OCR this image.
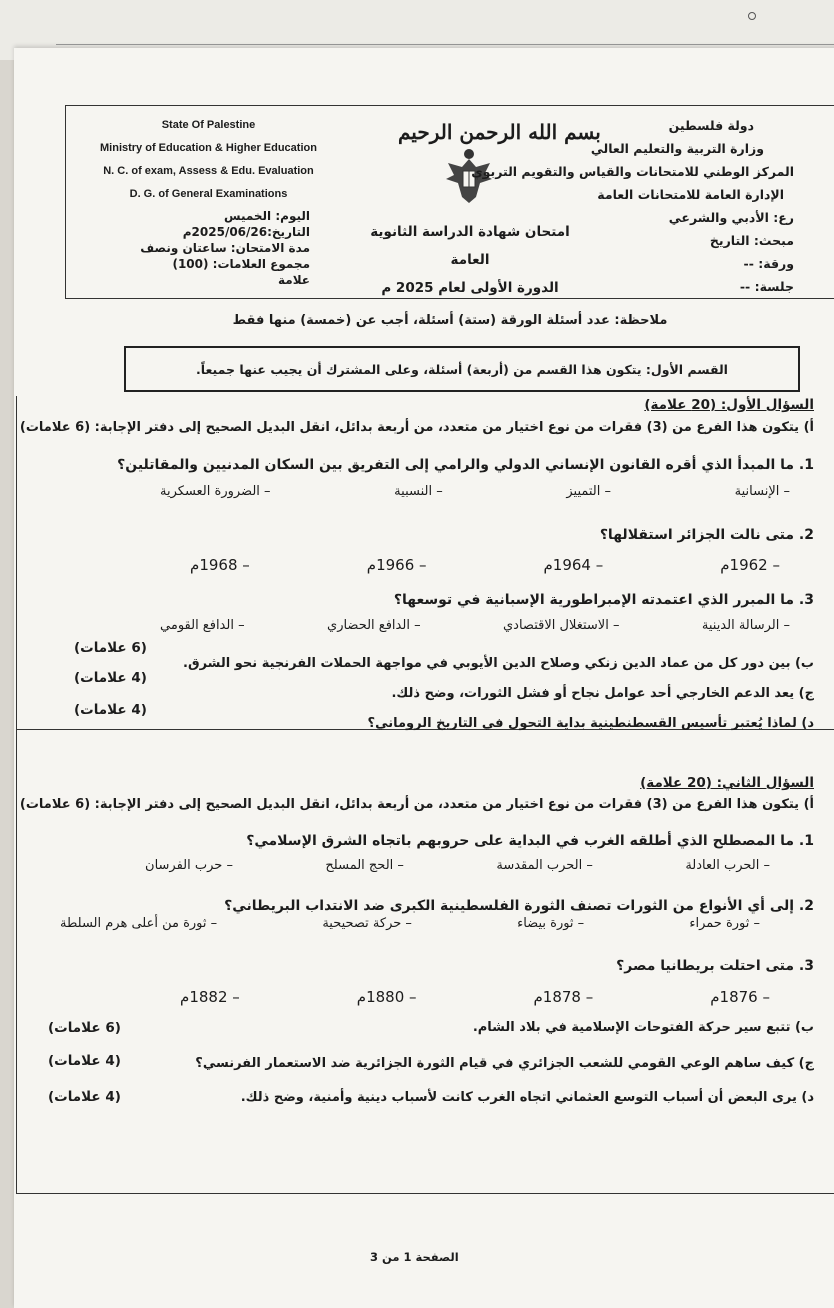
State Of Palestine
Ministry of Education & Higher Education
N. C. of exam, Assess & Edu. Evaluation
D. G. of General Examinations
بسم الله الرحمن الرحيم	دولة فلسطين
وزارة التربية والتعليم العالي
المركز الوطني للامتحانات والقياس والتقويم التربوي
الإدارة العامة للامتحانات العامة
رع: الأدبي والشرعي
مبحث: التاريخ
ورقة: --
جلسة: --
اليوم: الخميس
التاريخ:2025/06/26م
مدة الامتحان: ساعتان ونصف
مجموع العلامات: (100) علامة
امتحان شهادة الدراسة الثانوية العامة
الدورة الأولى لعام 2025 م
ملاحظة: عدد أسئلة الورقة (ستة) أسئلة، أجب عن (خمسة) منها فقط
القسم الأول: يتكون هذا القسم من (أربعة) أسئلة، وعلى المشترك أن يجيب عنها جميعاً.
السؤال الأول: (20 علامة)
أ) يتكون هذا الفرع من (3) فقرات من نوع اختيار من متعدد، من أربعة بدائل، انقل البديل الصحيح إلى دفتر الإجابة: (6 علامات)
1. ما المبدأ الذي أقره القانون الإنساني الدولي والرامي إلى التفريق بين السكان المدنيين والمقاتلين؟
– الإنسانية
– التمييز
– النسبية
– الضرورة العسكرية
2. متى نالت الجزائر استقلالها؟
– 1962م
– 1964م
– 1966م
– 1968م
3. ما المبرر الذي اعتمدته الإمبراطورية الإسبانية في توسعها؟
– الرسالة الدينية
– الاستغلال الاقتصادي
– الدافع الحضاري
– الدافع القومي
ب) بين دور كل من عماد الدين زنكي وصلاح الدين الأيوبي في مواجهة الحملات الفرنجية نحو الشرق.
(6 علامات)
ج) يعد الدعم الخارجي أحد عوامل نجاح أو فشل الثورات، وضح ذلك.
(4 علامات)
د) لماذا يُعتبر تأسيس القسطنطينية بداية التحول في التاريخ الروماني؟
(4 علامات)
السؤال الثاني: (20 علامة)
أ) يتكون هذا الفرع من (3) فقرات من نوع اختيار من متعدد، من أربعة بدائل، انقل البديل الصحيح إلى دفتر الإجابة: (6 علامات)
1. ما المصطلح الذي أطلقه الغرب في البداية على حروبهم باتجاه الشرق الإسلامي؟
– الحرب العادلة
– الحرب المقدسة
– الحج المسلح
– حرب الفرسان
2. إلى أي الأنواع من الثورات تصنف الثورة الفلسطينية الكبرى ضد الانتداب البريطاني؟
– ثورة حمراء
– ثورة بيضاء
– حركة تصحيحية
– ثورة من أعلى هرم السلطة
3. متى احتلت بريطانيا مصر؟
– 1876م
– 1878م
– 1880م
– 1882م
ب) تتبع سير حركة الفتوحات الإسلامية في بلاد الشام.
(6 علامات)
ج) كيف ساهم الوعي القومي للشعب الجزائري في قيام الثورة الجزائرية ضد الاستعمار الفرنسي؟
(4 علامات)
د) يرى البعض أن أسباب التوسع العثماني اتجاه الغرب كانت لأسباب دينية وأمنية، وضح ذلك.
(4 علامات)
الصفحة 1 من 3
